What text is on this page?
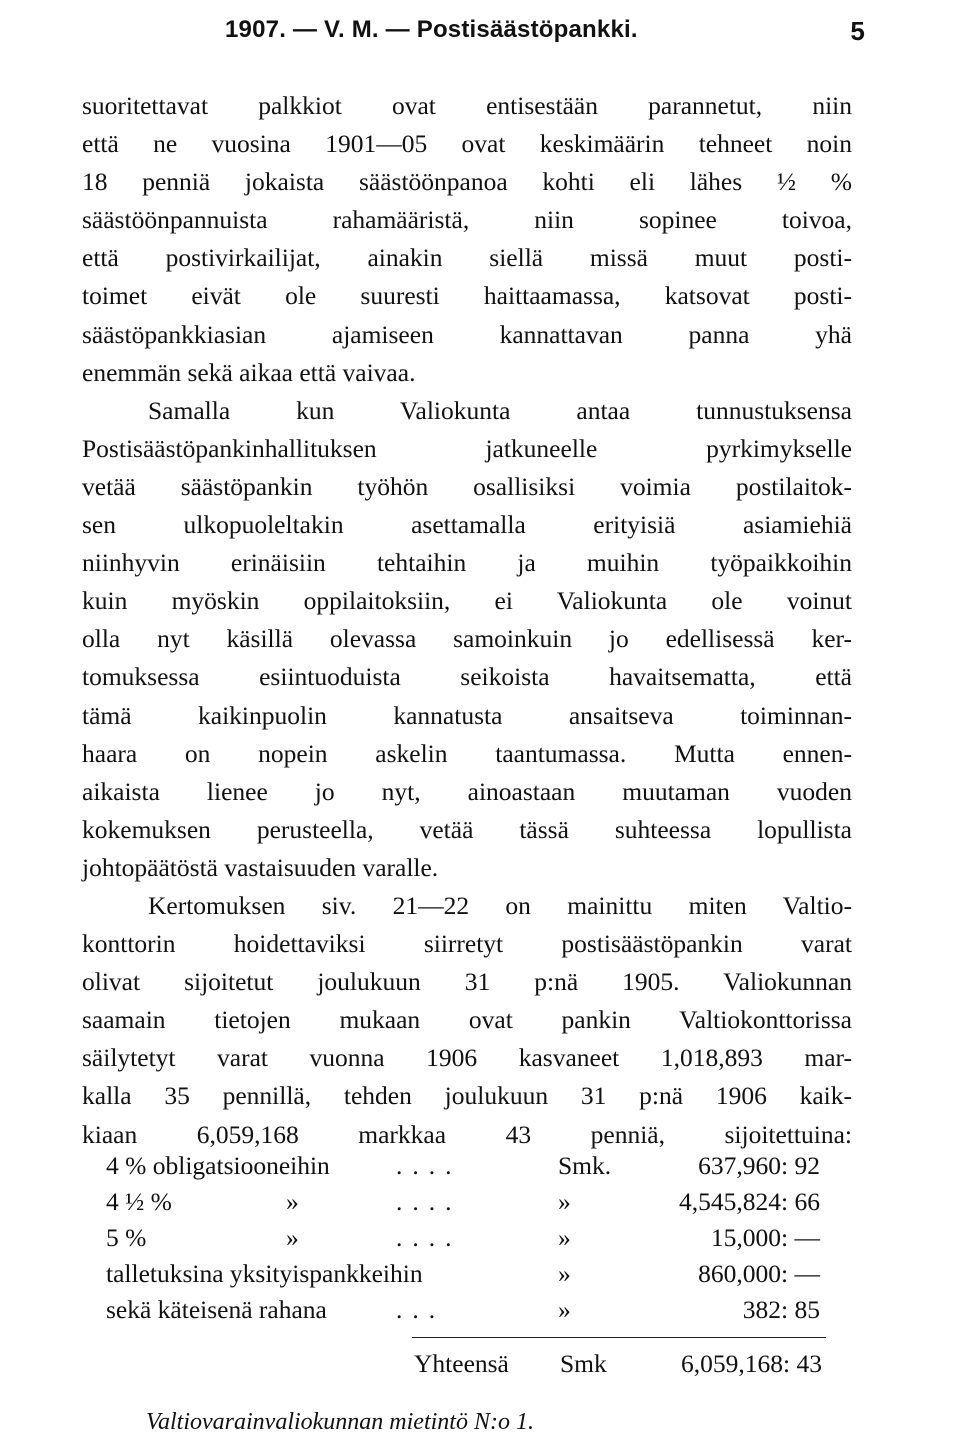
1907. — V. M. — Postisäästöpankki.	5
suoritettavat palkkiot ovat entisestään parannetut, niin
että ne vuosina 1901—05 ovat keskimäärin tehneet noin
18 penniä jokaista säästöönpanoa kohti eli lähes ½ %
säästöönpannuista rahamääristä, niin sopinee toivoa,
että postivirkailijat, ainakin siellä missä muut posti-
toimet eivät ole suuresti haittaamassa, katsovat posti-
säästöpankkiasian ajamiseen kannattavan panna yhä
enemmän sekä aikaa että vaivaa.
Samalla kun Valiokunta antaa tunnustuksensa
Postisäästöpankinhallituksen jatkuneelle pyrkimykselle
vetää säästöpankin työhön osallisiksi voimia postilaitok-
sen ulkopuoleltakin asettamalla erityisiä asiamiehiä
niinhyvin erinäisiin tehtaihin ja muihin työpaikkoihin
kuin myöskin oppilaitoksiin, ei Valiokunta ole voinut
olla nyt käsillä olevassa samoinkuin jo edellisessä ker-
tomuksessa esiintuoduista seikoista havaitsematta, että
tämä kaikinpuolin kannatusta ansaitseva toiminnan-
haara on nopein askelin taantumassa. Mutta ennen-
aikaista lienee jo nyt, ainoastaan muutaman vuoden
kokemuksen perusteella, vetää tässä suhteessa lopullista
johtopäätöstä vastaisuuden varalle.
Kertomuksen siv. 21—22 on mainittu miten Valtio-
konttorin hoidettaviksi siirretyt postisäästöpankin varat
olivat sijoitetut joulukuun 31 p:nä 1905. Valiokunnan
saamain tietojen mukaan ovat pankin Valtiokonttorissa
säilytetyt varat vuonna 1906 kasvaneet 1,018,893 mar-
kalla 35 pennillä, tehden joulukuun 31 p:nä 1906 kaik-
kiaan 6,059,168 markkaa 43 penniä, sijoitettuina:
4 % obligatsiooneihin	....	Smk.	637,960: 92
4 ½ %	»	....	»	4,545,824: 66
5 %	»	....	»	15,000: —
talletuksina yksityispankkeihin	»	860,000: —
sekä käteisenä rahana	...	»	382: 85
Yhteensä Smk	6,059,168: 43
Valtiovarainvaliokunnan mietintö N:o 1.
